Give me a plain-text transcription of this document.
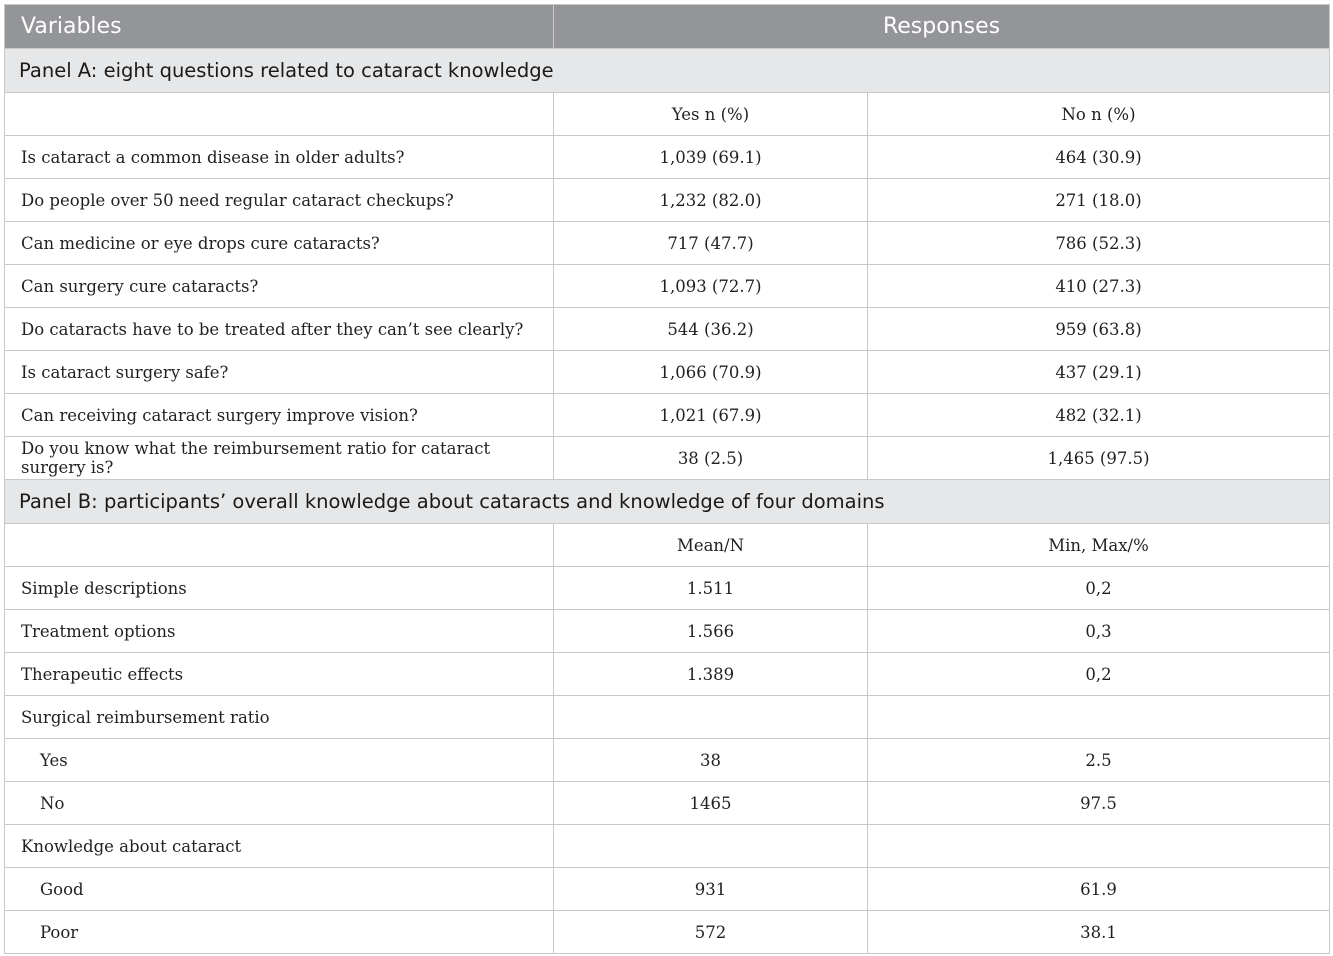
Variables	Responses	
Panel A: eight questions related to cataract knowledge		
	Yes n (%)	No n (%)
Is cataract a common disease in older adults?	1,039 (69.1)	464 (30.9)
Do people over 50 need regular cataract checkups?	1,232 (82.0)	271 (18.0)
Can medicine or eye drops cure cataracts?	717 (47.7)	786 (52.3)
Can surgery cure cataracts?	1,093 (72.7)	410 (27.3)
Do cataracts have to be treated after they can’t see clearly?	544 (36.2)	959 (63.8)
Is cataract surgery safe?	1,066 (70.9)	437 (29.1)
Can receiving cataract surgery improve vision?	1,021 (67.9)	482 (32.1)
Do you know what the reimbursement ratio for cataract surgery is?	38 (2.5)	1,465 (97.5)
Panel B: participants’ overall knowledge about cataracts and knowledge of four domains		
	Mean/N	Min, Max/%
Simple descriptions	1.511	0,2
Treatment options	1.566	0,3
Therapeutic effects	1.389	0,2
Surgical reimbursement ratio		
Yes	38	2.5
No	1465	97.5
Knowledge about cataract		
Good	931	61.9
Poor	572	38.1
